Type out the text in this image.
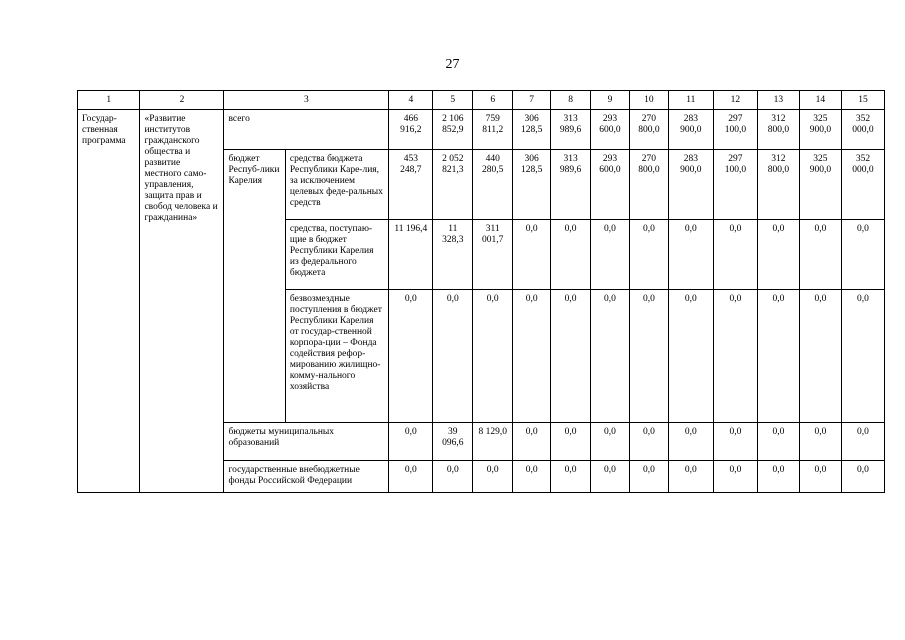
27
1	2	3		4	5	6	7	8	9	10	11	12	13	14	15
Государ-ственная программа	«Развитие институтов гражданского общества и развитие местного само-управления, защита прав и свобод человека и гражданина»	всего		466 916,2	2 106 852,9	759 811,2	306 128,5	313 989,6	293 600,0	270 800,0	283 900,0	297 100,0	312 800,0	325 900,0	352 000,0
		бюджет Респуб-лики Карелия	средства бюджета Республики Каре-лия, за исключением целевых феде-ральных средств	453 248,7	2 052 821,3	440 280,5	306 128,5	313 989,6	293 600,0	270 800,0	283 900,0	297 100,0	312 800,0	325 900,0	352 000,0
			средства, поступаю-щие в бюджет Республики Карелия из федерального бюджета	11 196,4	11 328,3	311 001,7	0,0	0,0	0,0	0,0	0,0	0,0	0,0	0,0	0,0
			безвозмездные поступления в бюджет Республики Карелия от государ-ственной корпора-ции – Фонда содействия рефор-мированию жилищно-комму-нального хозяйства	0,0	0,0	0,0	0,0	0,0	0,0	0,0	0,0	0,0	0,0	0,0	0,0
		бюджеты муниципальных образований		0,0	39 096,6	8 129,0	0,0	0,0	0,0	0,0	0,0	0,0	0,0	0,0	0,0
		государственные внебюджетные фонды Российской Федерации		0,0	0,0	0,0	0,0	0,0	0,0	0,0	0,0	0,0	0,0	0,0	0,0
